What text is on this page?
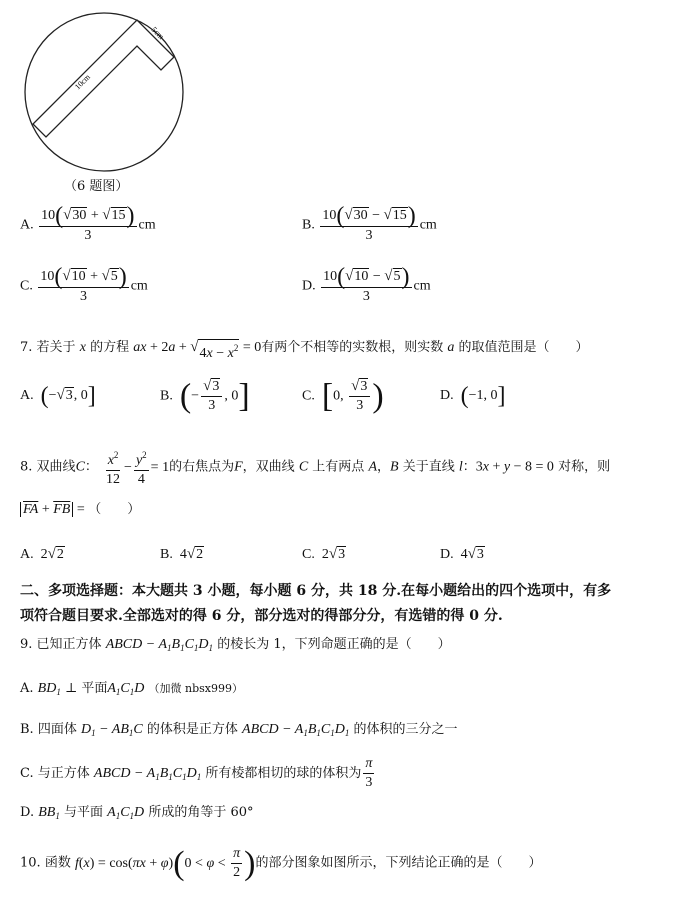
10cm
5cm
（6 题图）
A. $\frac{10( √ 30 + √ 15 )}{3}$ cm	B. $\frac{10( √ 30 - √ 15 )}{3}$ cm
C. $\frac{10( √ 10 + √ 5 )}{3}$ cm	D. $\frac{10( √ 10 - √ 5 )}{3}$ cm
7. 若关于 x 的方程 ax + 2a + √ $4x - x^2 = 0$有两个不相等的实数根，则实数 a 的取值范围是（　　）
A. (− √ 3 , 0]	B. (− $\frac{√ 3}{3}$ , 0]	C. [0, $\frac{√ 3}{3}$ )	D. (−1, 0]
8. 双曲线C： $\frac{x^2}{12} - \frac{y^2}{4} = 1$的右焦点为F，双曲线 C 上有两点 A，B 关于直线 l：3x + y − 8 = 0 对称，则
$\overline{FA} + \overline{FB}$ = （　　）
A.  2 √ 2	B.  4 √ 2	C.  2 √ 3	D.  4 √ 3
二、多项选择题：本大题共 3 小题，每小题 6 分，共 18 分.在每小题给出的四个选项中，有多
项符合题目要求.全部选对的得 6 分，部分选对的得部分分，有选错的得 0 分.
9. 已知正方体 ABCD − $A_1B_1C_1D_1$ 的棱长为 1，下列命题正确的是（　　）
A. $BD_1$ ⊥ 平面$A_1C_1D$ （加微 nbsx999）
B. 四面体 $D_1 - AB_1C$ 的体积是正方体 ABCD − $A_1B_1C_1D_1$ 的体积的三分之一
C. 与正方体 ABCD − $A_1B_1C_1D_1$ 所有棱都相切的球的体积为 $\frac{\pi}{3}$
D. $BB_1$ 与平面 $A_1C_1D$ 所成的角等于 60°
10. 函数 $f(x) = \cos(\pi x + \varphi)(0 < \varphi < \frac{\pi}{2}$ )的部分图象如图所示，下列结论正确的是（　　）
